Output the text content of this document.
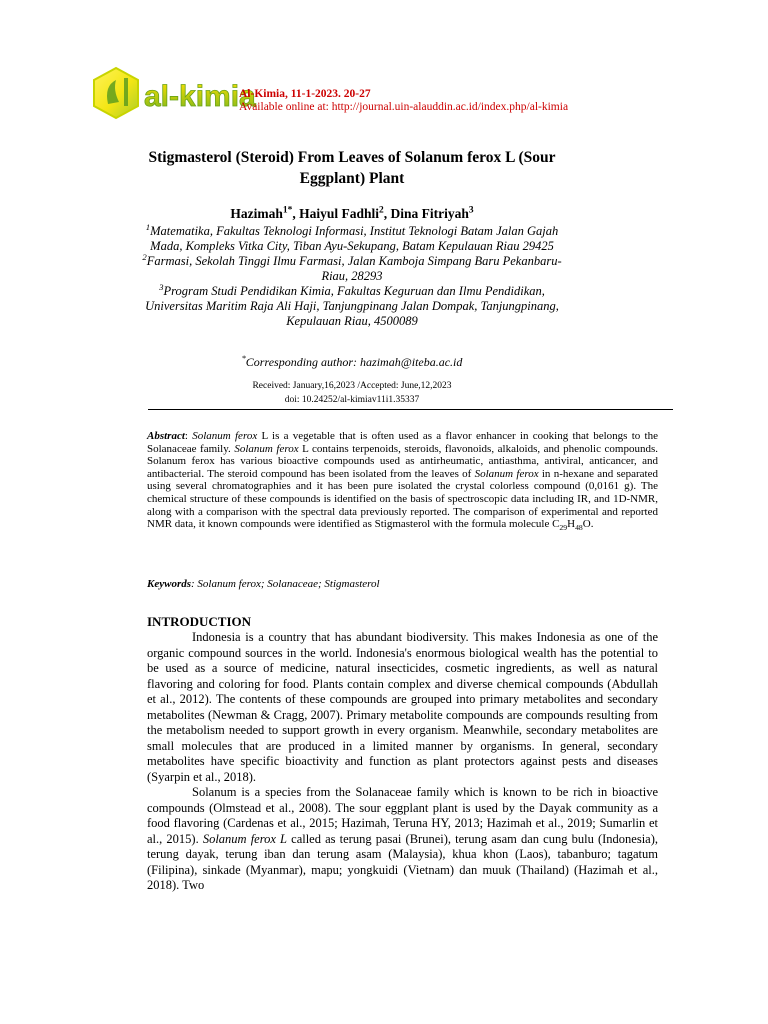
al-kimia
Al-Kimia, 11-1-2023. 20-27
Available online at: http://journal.uin-alauddin.ac.id/index.php/al-kimia
Stigmasterol (Steroid) From Leaves of Solanum ferox L (Sour Eggplant) Plant
Hazimah$^{1*}$, Haiyul Fadhli$^2$, Dina Fitriyah$^3$

$^1$Matematika, Fakultas Teknologi Informasi, Institut Teknologi Batam Jalan Gajah Mada, Kompleks Vitka City, Tiban Ayu-Sekupang, Batam Kepulauan Riau 29425

$^2$Farmasi, Sekolah Tinggi Ilmu Farmasi, Jalan Kamboja Simpang Baru Pekanbaru-Riau, 28293

$^3$Program Studi Pendidikan Kimia, Fakultas Keguruan dan Ilmu Pendidikan, Universitas Maritim Raja Ali Haji, Tanjungpinang Jalan Dompak, Tanjungpinang, Kepulauan Riau, 4500089

*Corresponding author: hazimah@iteba.ac.id
Received: January,16,2023 /Accepted: June,12,2023
doi: 10.24252/al-kimiav11i1.35337
Abstract: Solanum ferox L is a vegetable that is often used as a flavor enhancer in cooking that belongs to the Solanaceae family. Solanum ferox L contains terpenoids, steroids, flavonoids, alkaloids, and phenolic compounds. Solanum ferox has various bioactive compounds used as antirheumatic, antiasthma, antiviral, anticancer, and antibacterial. The steroid compound has been isolated from the leaves of Solanum ferox in n-hexane and separated using several chromatographies and it has been pure isolated the crystal colorless compound (0,0161 g). The chemical structure of these compounds is identified on the basis of spectroscopic data including IR, and 1D-NMR, along with a comparison with the spectral data previously reported. The comparison of experimental and reported NMR data, it known compounds were identified as Stigmasterol with the formula molecule $C_{29}H_{48}O$.
Keywords: Solanum ferox; Solanaceae; Stigmasterol
INTRODUCTION

Indonesia is a country that has abundant biodiversity. This makes Indonesia as one of the organic compound sources in the world. Indonesia's enormous biological wealth has the potential to be used as a source of medicine, natural insecticides, cosmetic ingredients, as well as natural flavoring and coloring for food. Plants contain complex and diverse chemical compounds (Abdullah et al., 2012). The contents of these compounds are grouped into primary metabolites and secondary metabolites (Newman & Cragg, 2007). Primary metabolite compounds are compounds resulting from the metabolism needed to support growth in every organism. Meanwhile, secondary metabolites are small molecules that are produced in a limited manner by organisms. In general, secondary metabolites have specific bioactivity and function as plant protectors against pests and diseases (Syarpin et al., 2018).

Solanum is a species from the Solanaceae family which is known to be rich in bioactive compounds (Olmstead et al., 2008). The sour eggplant plant is used by the Dayak community as a food flavoring (Cardenas et al., 2015; Hazimah, Teruna HY, 2013; Hazimah et al., 2019; Sumarlin et al., 2015). Solanum ferox L called as terung pasai (Brunei), terung asam dan cung bulu (Indonesia), terung dayak, terung iban dan terung asam (Malaysia), khua khon (Laos), tabanburo; tagatum (Filipina), sinkade (Myanmar), mapu; yongkuidi (Vietnam) dan muuk (Thailand) (Hazimah et al., 2018). Two
